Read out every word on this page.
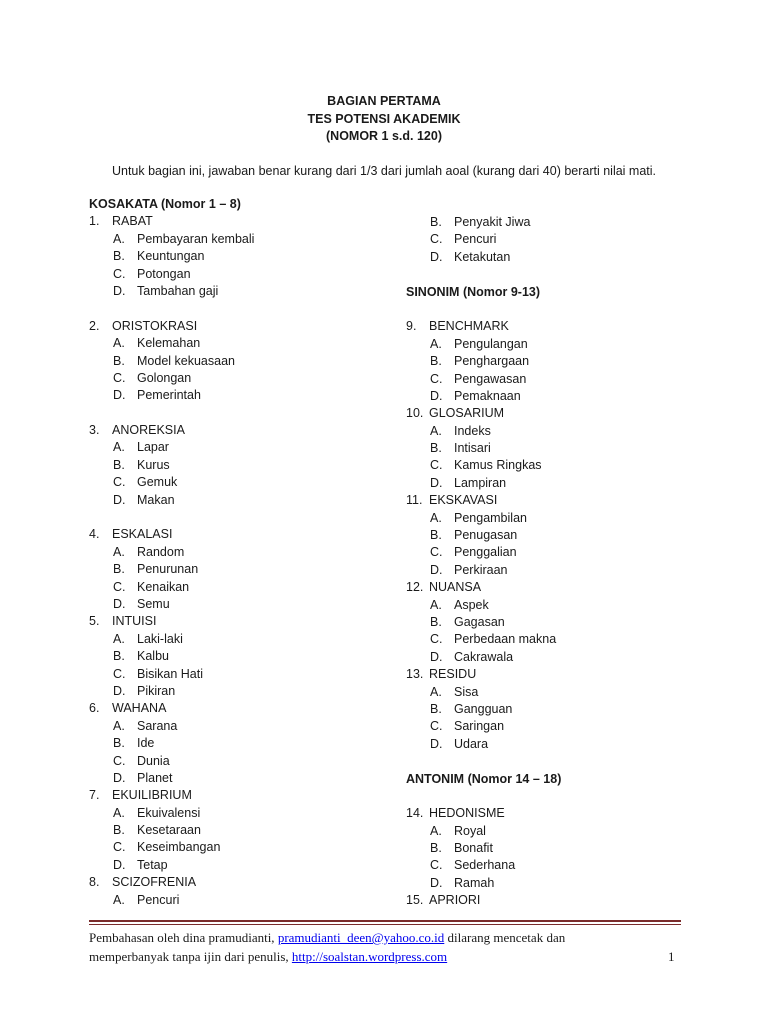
BAGIAN PERTAMA
TES POTENSI AKADEMIK
(NOMOR 1 s.d. 120)
Untuk bagian ini, jawaban benar kurang dari 1/3 dari jumlah aoal (kurang dari 40) berarti nilai mati.
KOSAKATA (Nomor 1 – 8)
1.	RABAT
A. Pembayaran kembali
B. Keuntungan
C. Potongan
D. Tambahan gaji
2.	ORISTOKRASI
A. Kelemahan
B. Model kekuasaan
C. Golongan
D. Pemerintah
3.	ANOREKSIA
A. Lapar
B. Kurus
C. Gemuk
D. Makan
4.	ESKALASI
A. Random
B. Penurunan
C. Kenaikan
D. Semu
5.	INTUISI
A. Laki-laki
B. Kalbu
C. Bisikan Hati
D. Pikiran
6.	WAHANA
A. Sarana
B. Ide
C. Dunia
D. Planet
7.	EKUILIBRIUM
A. Ekuivalensi
B. Kesetaraan
C. Keseimbangan
D. Tetap
8.	SCIZOFRENIA
A. Pencuri
B. Penyakit Jiwa
C. Pencuri
D. Ketakutan
SINONIM (Nomor 9-13)
9.	BENCHMARK
A. Pengulangan
B. Penghargaan
C. Pengawasan
D. Pemaknaan
10. GLOSARIUM
A. Indeks
B. Intisari
C. Kamus Ringkas
D. Lampiran
11. EKSKAVASI
A. Pengambilan
B. Penugasan
C. Penggalian
D. Perkiraan
12. NUANSA
A. Aspek
B. Gagasan
C. Perbedaan makna
D. Cakrawala
13. RESIDU
A. Sisa
B. Gangguan
C. Saringan
D. Udara
ANTONIM (Nomor 14 – 18)
14. HEDONISME
A. Royal
B. Bonafit
C. Sederhana
D. Ramah
15. APRIORI
Pembahasan oleh dina pramudianti, pramudianti_deen@yahoo.co.id dilarang mencetak dan
memperbanyak tanpa ijin dari penulis, http://soalstan.wordpress.com	1
